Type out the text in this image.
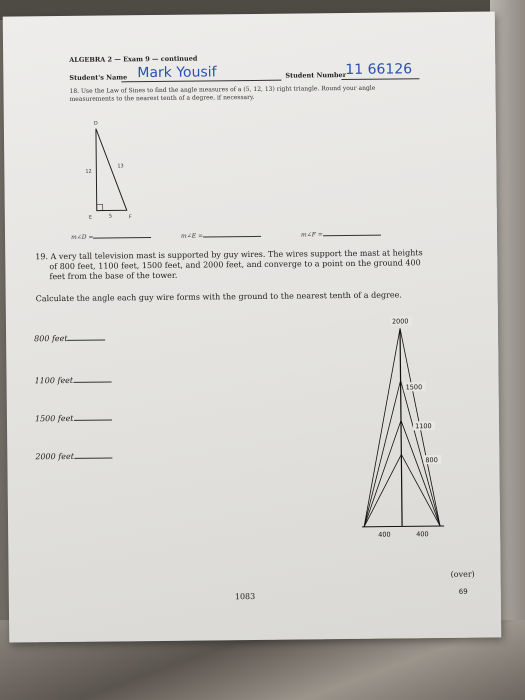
ALGEBRA 2 — Exam 9 — continued
Student's Name Mark Yousif	Student Number 11 66126
18. Use the Law of Sines to find the angle measures of a (5, 12, 13) right triangle. Round your angle measurements to the nearest tenth of a degree, if necessary.
D
E	F
12
13
5
m∠D =	m∠E =	m∠F =
19. A very tall television mast is supported by guy wires. The wires support the mast at heights
of 800 feet, 1100 feet, 1500 feet, and 2000 feet, and converge to a point on the ground 400
feet from the base of the tower.
Calculate the angle each guy wire forms with the ground to the nearest tenth of a degree.
800 feet
1100 feet
1500 feet
2000 feet
2000
1500
1100
800
400	400
1083
(over)
69
